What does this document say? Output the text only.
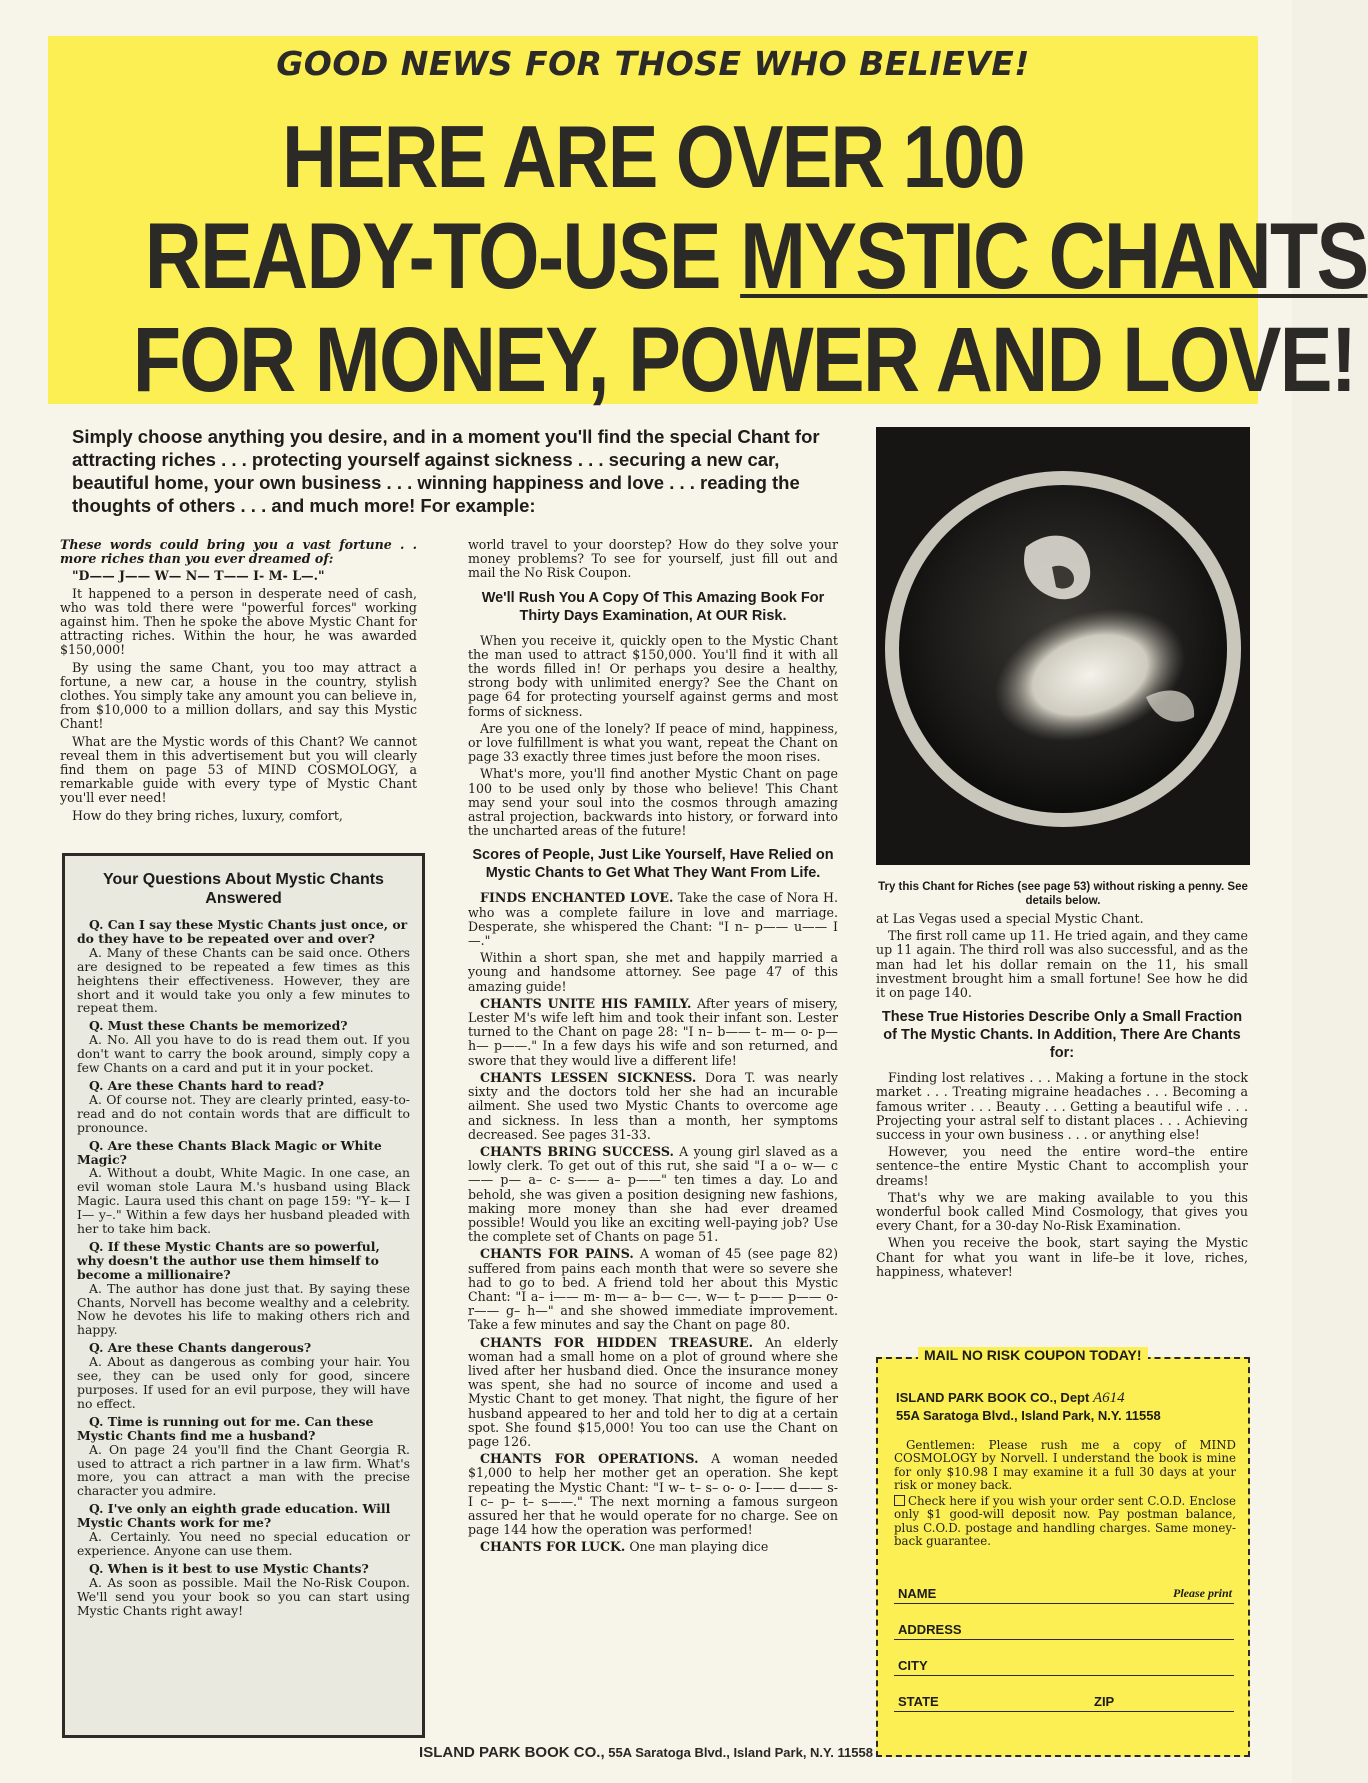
GOOD NEWS FOR THOSE WHO BELIEVE!
HERE ARE OVER 100
READY-TO-USE MYSTIC CHANTS
FOR MONEY, POWER AND LOVE!
Simply choose anything you desire, and in a moment you'll find the special Chant for attracting riches . . . protecting yourself against sickness . . . securing a new car, beautiful home, your own business . . . winning happiness and love . . . reading the thoughts of others . . . and much more! For example:

These words could bring you a vast fortune . . more riches than you ever dreamed of:

"D—— J—— W— N— T—— I- M- L—."

It happened to a person in desperate need of cash, who was told there were "powerful forces" working against him. Then he spoke the above Mystic Chant for attracting riches. Within the hour, he was awarded $150,000!

By using the same Chant, you too may attract a fortune, a new car, a house in the country, stylish clothes. You simply take any amount you can believe in, from $10,000 to a million dollars, and say this Mystic Chant!

What are the Mystic words of this Chant? We cannot reveal them in this advertisement but you will clearly find them on page 53 of MIND COSMOLOGY, a remarkable guide with every type of Mystic Chant you'll ever need!

How do they bring riches, luxury, comfort,

Your Questions About Mystic Chants Answered

Q. Can I say these Mystic Chants just once, or do they have to be repeated over and over?

A. Many of these Chants can be said once. Others are designed to be repeated a few times as this heightens their effectiveness. However, they are short and it would take you only a few minutes to repeat them.

Q. Must these Chants be memorized?

A. No. All you have to do is read them out. If you don't want to carry the book around, simply copy a few Chants on a card and put it in your pocket.

Q. Are these Chants hard to read?

A. Of course not. They are clearly printed, easy-to-read and do not contain words that are difficult to pronounce.

Q. Are these Chants Black Magic or White Magic?

A. Without a doubt, White Magic. In one case, an evil woman stole Laura M.'s husband using Black Magic. Laura used this chant on page 159: "Y– k— I I— y–." Within a few days her husband pleaded with her to take him back.

Q. If these Mystic Chants are so powerful, why doesn't the author use them himself to become a millionaire?

A. The author has done just that. By saying these Chants, Norvell has become wealthy and a celebrity. Now he devotes his life to making others rich and happy.

Q. Are these Chants dangerous?

A. About as dangerous as combing your hair. You see, they can be used only for good, sincere purposes. If used for an evil purpose, they will have no effect.

Q. Time is running out for me. Can these Mystic Chants find me a husband?

A. On page 24 you'll find the Chant Georgia R. used to attract a rich partner in a law firm. What's more, you can attract a man with the precise character you admire.

Q. I've only an eighth grade education. Will Mystic Chants work for me?

A. Certainly. You need no special education or experience. Anyone can use them.

Q. When is it best to use Mystic Chants?

A. As soon as possible. Mail the No-Risk Coupon. We'll send you your book so you can start using Mystic Chants right away!

world travel to your doorstep? How do they solve your money problems? To see for yourself, just fill out and mail the No Risk Coupon.

We'll Rush You A Copy Of This Amazing Book For Thirty Days Examination, At OUR Risk.

When you receive it, quickly open to the Mystic Chant the man used to attract $150,000. You'll find it with all the words filled in! Or perhaps you desire a healthy, strong body with unlimited energy? See the Chant on page 64 for protecting yourself against germs and most forms of sickness.

Are you one of the lonely? If peace of mind, happiness, or love fulfillment is what you want, repeat the Chant on page 33 exactly three times just before the moon rises.

What's more, you'll find another Mystic Chant on page 100 to be used only by those who believe! This Chant may send your soul into the cosmos through amazing astral projection, backwards into history, or forward into the uncharted areas of the future!

Scores of People, Just Like Yourself, Have Relied on Mystic Chants to Get What They Want From Life.

FINDS ENCHANTED LOVE. Take the case of Nora H. who was a complete failure in love and marriage. Desperate, she whispered the Chant: "I n– p—— u—— I—."

Within a short span, she met and happily married a young and handsome attorney. See page 47 of this amazing guide!

CHANTS UNITE HIS FAMILY. After years of misery, Lester M's wife left him and took their infant son. Lester turned to the Chant on page 28: "I n– b—— t– m— o- p— h— p——." In a few days his wife and son returned, and swore that they would live a different life!

CHANTS LESSEN SICKNESS. Dora T. was nearly sixty and the doctors told her she had an incurable ailment. She used two Mystic Chants to overcome age and sickness. In less than a month, her symptoms decreased. See pages 31-33.

CHANTS BRING SUCCESS. A young girl slaved as a lowly clerk. To get out of this rut, she said "I a o– w— c—— p— a– c- s—— a– p——" ten times a day. Lo and behold, she was given a position designing new fashions, making more money than she had ever dreamed possible! Would you like an exciting well-paying job? Use the complete set of Chants on page 51.

CHANTS FOR PAINS. A woman of 45 (see page 82) suffered from pains each month that were so severe she had to go to bed. A friend told her about this Mystic Chant: "I a– i—— m- m— a– b— c—. w— t– p—— p—— o- r—— g– h—" and she showed immediate improvement. Take a few minutes and say the Chant on page 80.

CHANTS FOR HIDDEN TREASURE. An elderly woman had a small home on a plot of ground where she lived after her husband died. Once the insurance money was spent, she had no source of income and used a Mystic Chant to get money. That night, the figure of her husband appeared to her and told her to dig at a certain spot. She found $15,000! You too can use the Chant on page 126.

CHANTS FOR OPERATIONS. A woman needed $1,000 to help her mother get an operation. She kept repeating the Mystic Chant: "I w– t– s– o- o- I—— d—— s- I c– p– t– s——." The next morning a famous surgeon assured her that he would operate for no charge. See on page 144 how the operation was performed!

CHANTS FOR LUCK. One man playing dice

Try this Chant for Riches (see page 53) without risking a penny. See details below.

at Las Vegas used a special Mystic Chant.

The first roll came up 11. He tried again, and they came up 11 again. The third roll was also successful, and as the man had let his dollar remain on the 11, his small investment brought him a small fortune! See how he did it on page 140.

These True Histories Describe Only a Small Fraction of The Mystic Chants. In Addition, There Are Chants for:

Finding lost relatives . . . Making a fortune in the stock market . . . Treating migraine headaches . . . Becoming a famous writer . . . Beauty . . . Getting a beautiful wife . . . Projecting your astral self to distant places . . . Achieving success in your own business . . . or anything else!

However, you need the entire word–the entire sentence–the entire Mystic Chant to accomplish your dreams!

That's why we are making available to you this wonderful book called Mind Cosmology, that gives you every Chant, for a 30-day No-Risk Examination.

When you receive the book, start saying the Mystic Chant for what you want in life–be it love, riches, happiness, whatever!

MAIL NO RISK COUPON TODAY!
ISLAND PARK BOOK CO., Dept A614
55A Saratoga Blvd., Island Park, N.Y. 11558

Gentlemen: Please rush me a copy of MIND COSMOLOGY by Norvell. I understand the book is mine for only $10.98 I may examine it a full 30 days at your risk or money back.

Check here if you wish your order sent C.O.D. Enclose only $1 good-will deposit now. Pay postman balance, plus C.O.D. postage and handling charges. Same money-back guarantee.

NAME	Please print
ADDRESS
CITY
STATE	ZIP
ISLAND PARK BOOK CO., 55A Saratoga Blvd., Island Park, N.Y. 11558
